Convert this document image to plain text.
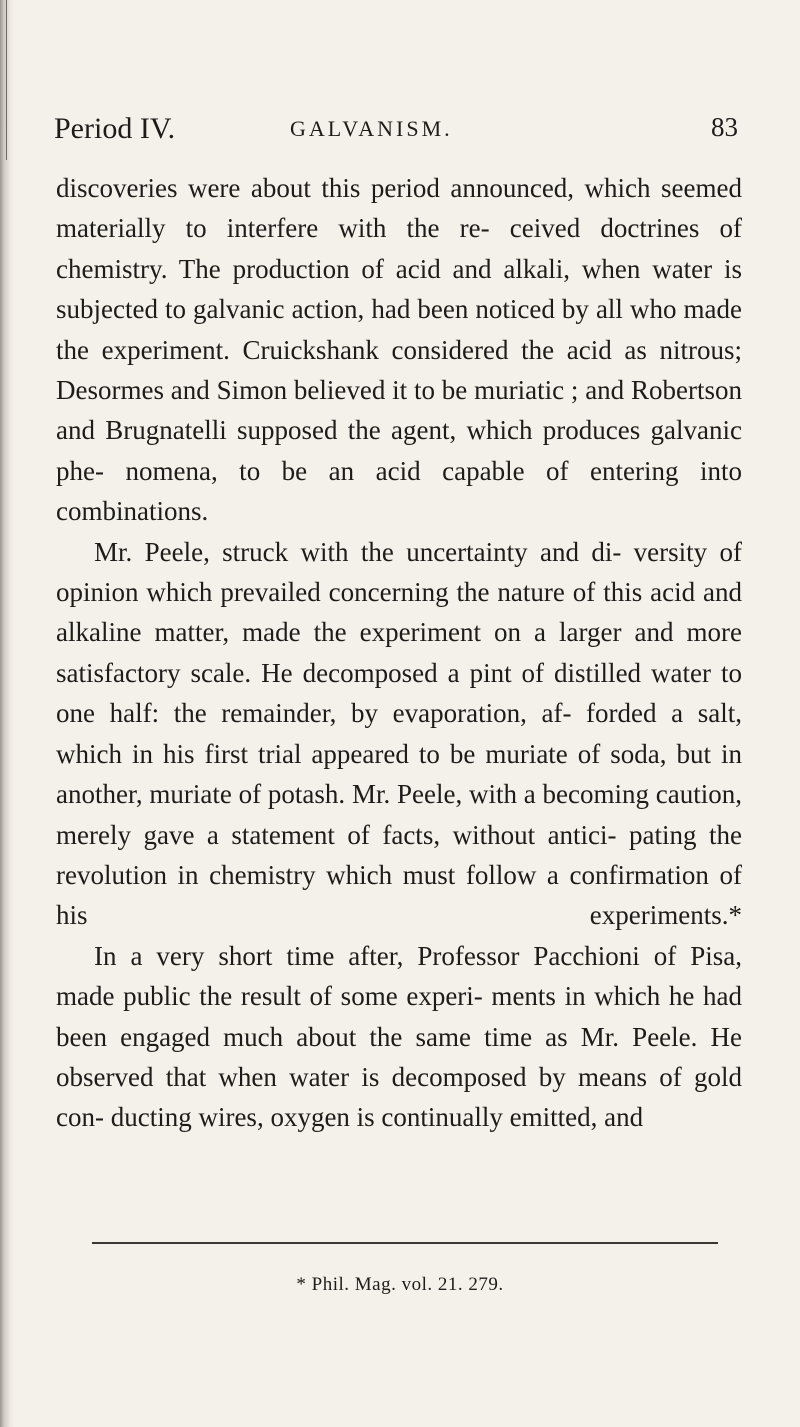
Period IV.	GALVANISM.	83

discoveries were about this period announced, which seemed materially to interfere with the re- ceived doctrines of chemistry. The production of acid and alkali, when water is subjected to galvanic action, had been noticed by all who made the experiment. Cruickshank considered the acid as nitrous; Desormes and Simon believed it to be muriatic ; and Robertson and Brugnatelli supposed the agent, which produces galvanic phe- nomena, to be an acid capable of entering into combinations.

Mr. Peele, struck with the uncertainty and di- versity of opinion which prevailed concerning the nature of this acid and alkaline matter, made the experiment on a larger and more satisfactory scale. He decomposed a pint of distilled water to one half: the remainder, by evaporation, af- forded a salt, which in his first trial appeared to be muriate of soda, but in another, muriate of potash. Mr. Peele, with a becoming caution, merely gave a statement of facts, without antici- pating the revolution in chemistry which must follow a confirmation of his experiments.*

In a very short time after, Professor Pacchioni of Pisa, made public the result of some experi- ments in which he had been engaged much about the same time as Mr. Peele. He observed that when water is decomposed by means of gold con- ducting wires, oxygen is continually emitted, and

* Phil. Mag. vol. 21. 279.
